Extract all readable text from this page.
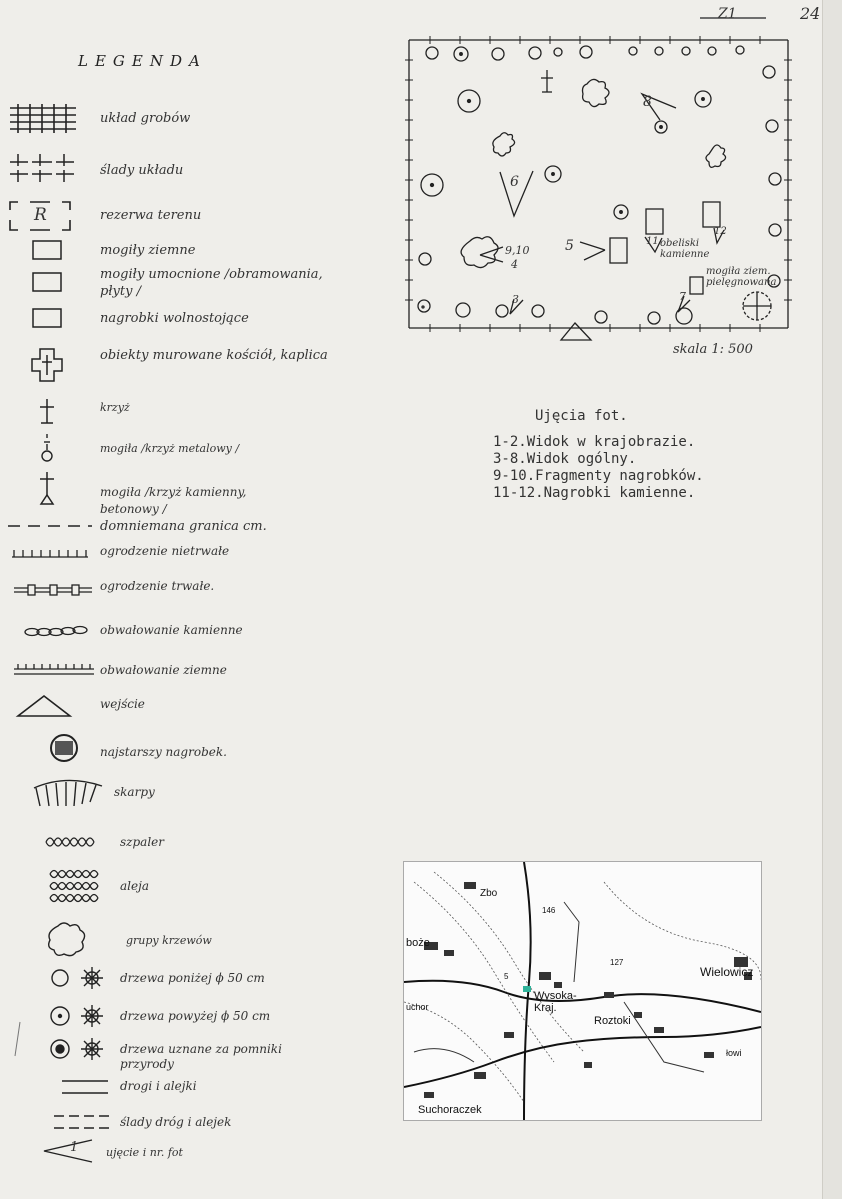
24
Z1
LEGENDA
układ grobów
ślady układu
R	rezerwa terenu
mogiły ziemne
mogiły umocnione /obramowania, płyty /
nagrobki wolnostojące
obiekty murowane kościół, kaplica
krzyż
mogiła /krzyż metalowy /
mogiła /krzyż kamienny, betonowy /
domniemana granica cm.
ogrodzenie nietrwałe
ogrodzenie trwałe.
obwałowanie kamienne
obwałowanie ziemne
wejście
najstarszy nagrobek.
skarpy
szpaler
aleja
grupy krzewów
drzewa poniżej ϕ 50 cm
drzewa powyżej ϕ 50 cm
drzewa uznane za pomniki przyrody
drogi i alejki
ślady dróg i alejek
1	ujęcie i nr. fot
8
6
5
9,10
4
3	7
11
12
obeliski kamienne
mogiła ziem. pielęgnowana
skala 1: 500
Ujęcia fot.
1-2.Widok w krajobrazie.
3-8.Widok ogólny.
9-10.Fragmenty nagrobków.
11-12.Nagrobki kamienne.
Wysoka-Kraj.
Roztoki
Wielowicz
Suchoraczek
Zbo
boże
uchor
łowi
146
127
5
